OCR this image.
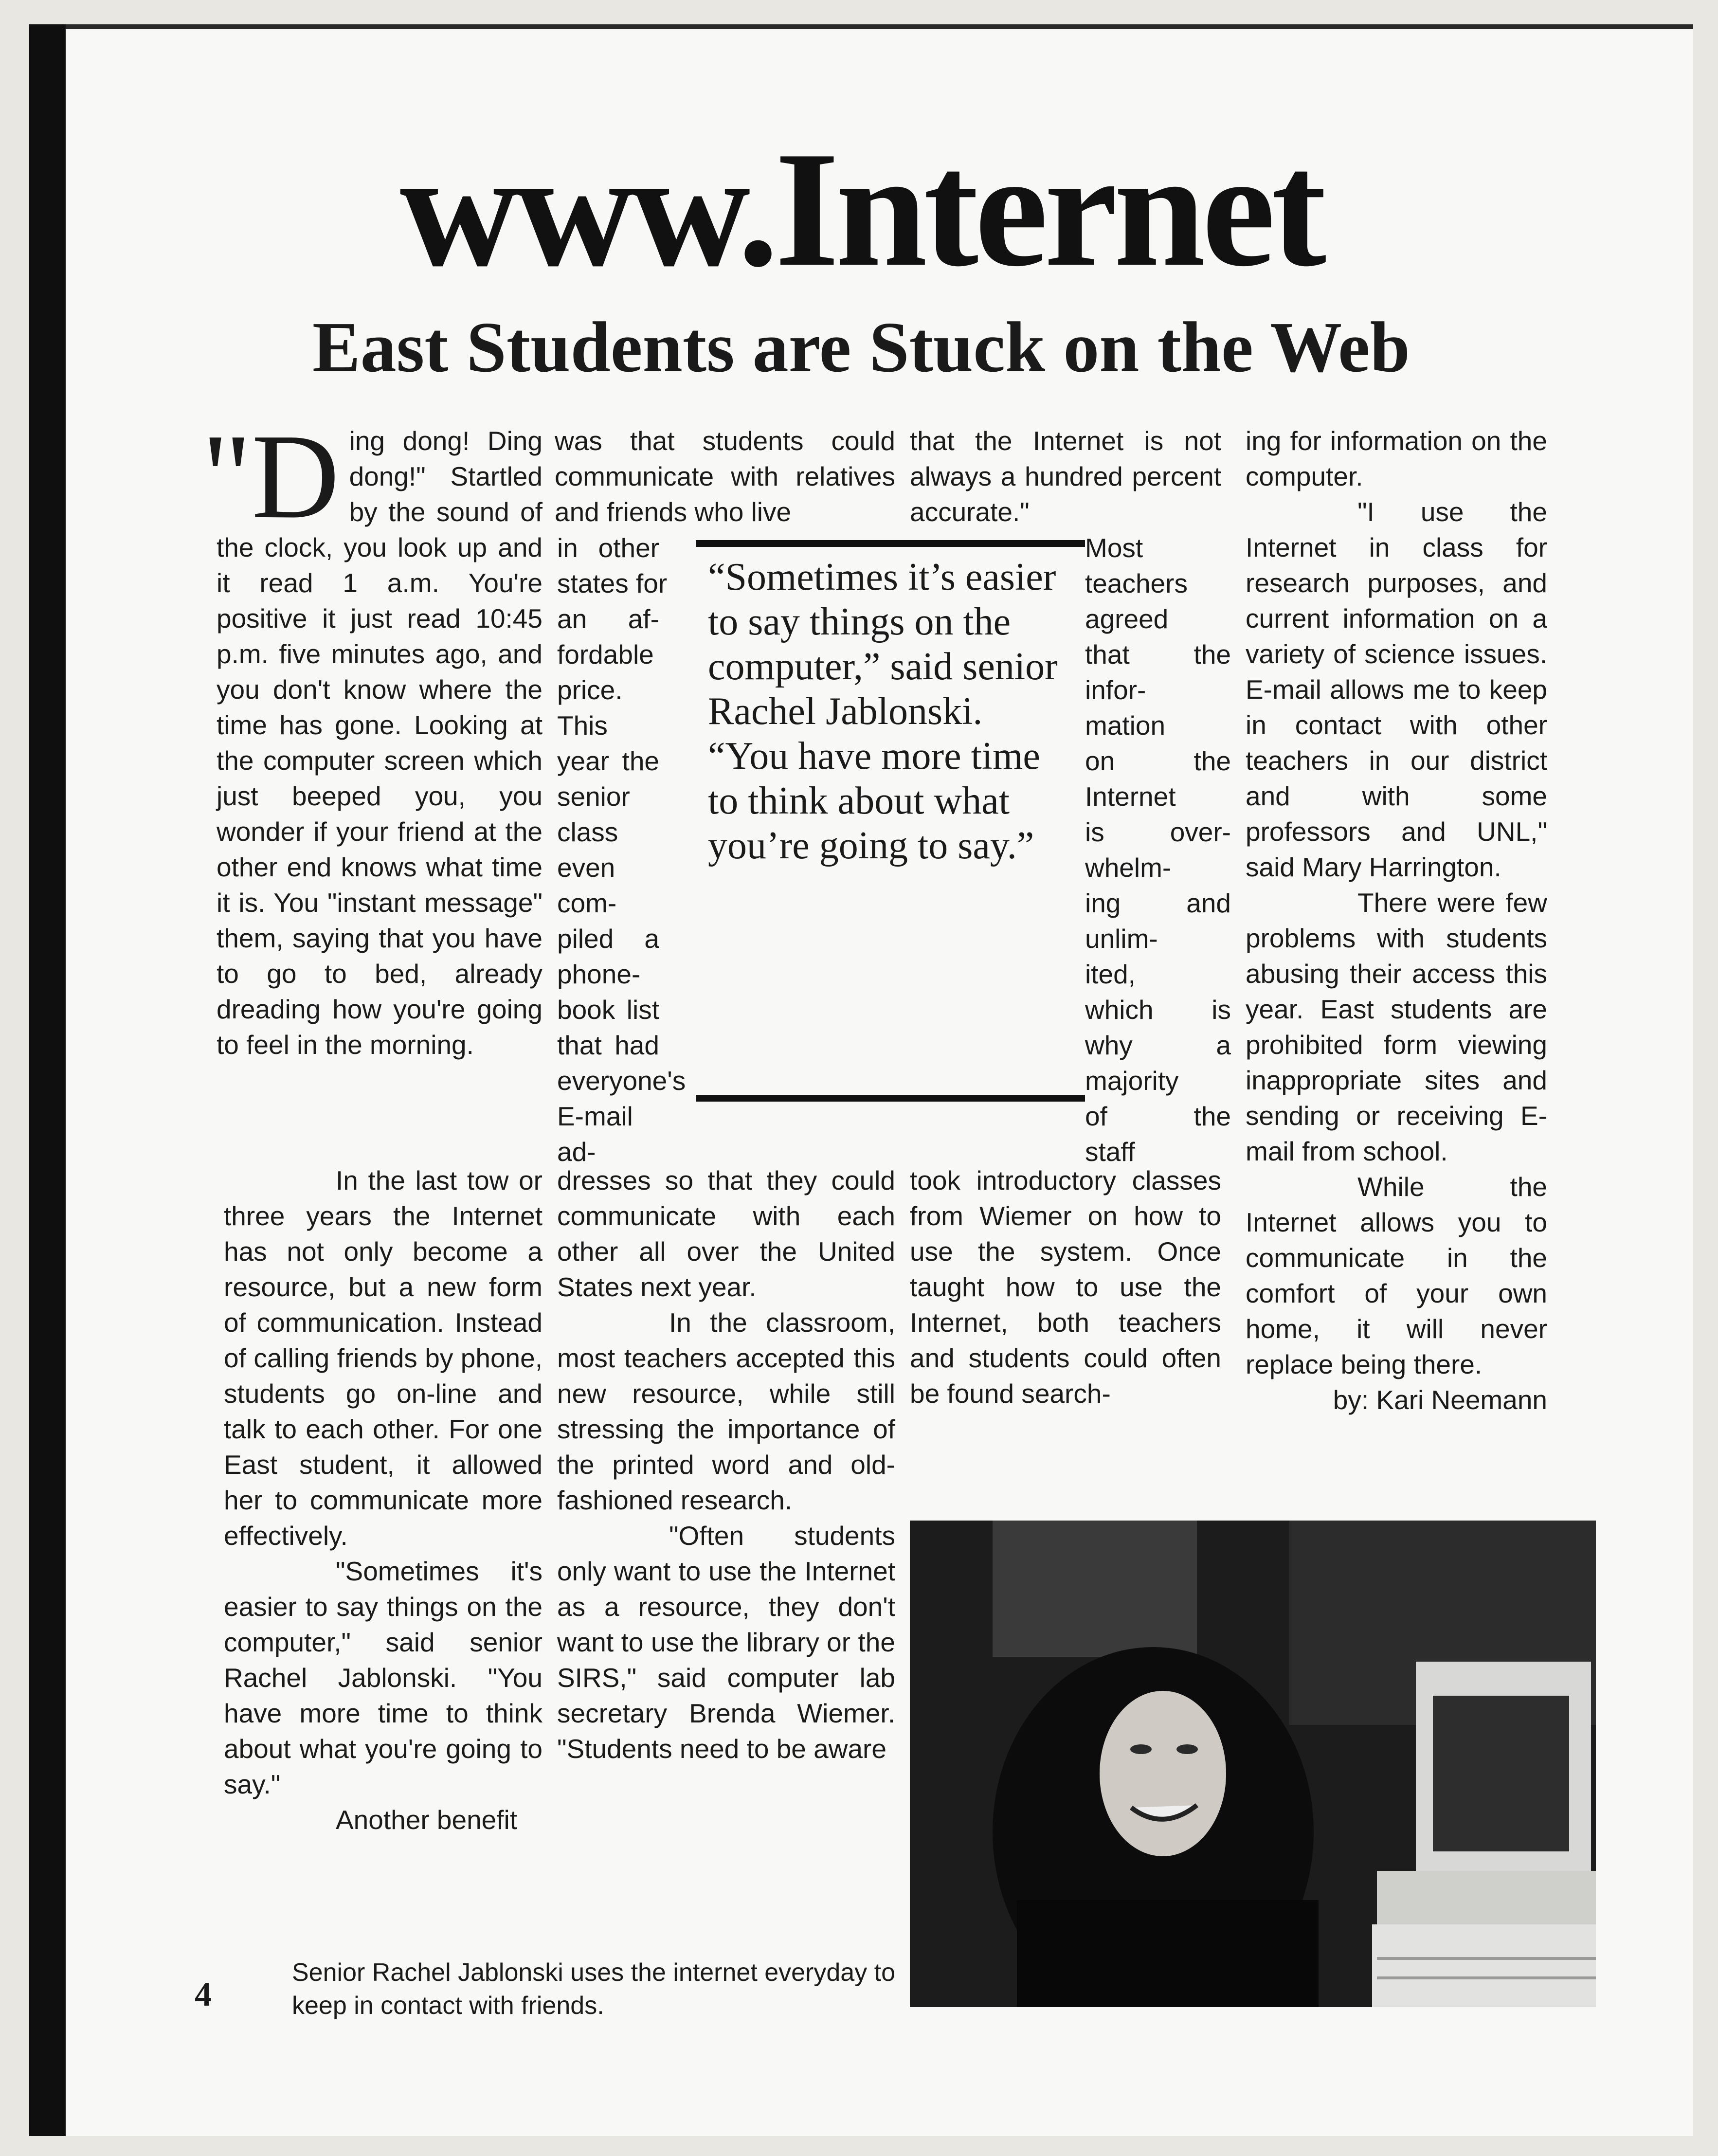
www.Internet
East Students are Stuck on the Web

"Ding dong! Ding dong!" Startled by the sound of the clock, you look up and it read 1 a.m. You're positive it just read 10:45 p.m. five minutes ago, and you don't know where the time has gone. Looking at the computer screen which just beeped you, you wonder if your friend at the other end knows what time it is. You "instant message" them, saying that you have to go to bed, already dreading how you're going to feel in the morning.

In the last tow or three years the Internet has not only become a resource, but a new form of communication. Instead of calling friends by phone, students go on-line and talk to each other. For one East student, it allowed her to communicate more effectively.

"Sometimes it's easier to say things on the computer," said senior Rachel Jablonski. "You have more time to think about what you're going to say."

Another benefit

was that students could communicate with relatives and friends who live

in other
states for
an af-
fordable
price.
This
year the
senior
class
even
com-
piled a
phone-
book list
that had
everyone's
E-mail
ad-

dresses so that they could communicate with each other all over the United States next year.

In the classroom, most teachers accepted this new resource, while still stressing the importance of the printed word and old-fashioned research.

"Often students only want to use the Internet as a resource, they don't want to use the library or the SIRS," said computer lab secretary Brenda Wiemer. "Students need to be aware

that the Internet is not always a hundred percent accurate."

Most
teachers
agreed
that the
infor-
mation
on the
Internet
is over-
whelm-
ing and
unlim-
ited,
which is
why a
majority
of the
staff

took introductory classes from Wiemer on how to use the system. Once taught how to use the Internet, both teachers and students could often be found search-

“Sometimes it’s easier to say things on the computer,” said senior Rachel Jablonski. “You have more time to think about what you’re going to say.”

ing for information on the computer.

"I use the Internet in class for research purposes, and current information on a variety of science issues. E-mail allows me to keep in contact with other teachers in our district and with some professors and UNL," said Mary Harrington.

There were few problems with students abusing their access this year. East students are prohibited form viewing inappropriate sites and sending or receiving E-mail from school.

While the Internet allows you to communicate in the comfort of your own home, it will never replace being there.

by: Kari Neemann

4
Senior Rachel Jablonski uses the internet everyday to keep in contact with friends.
